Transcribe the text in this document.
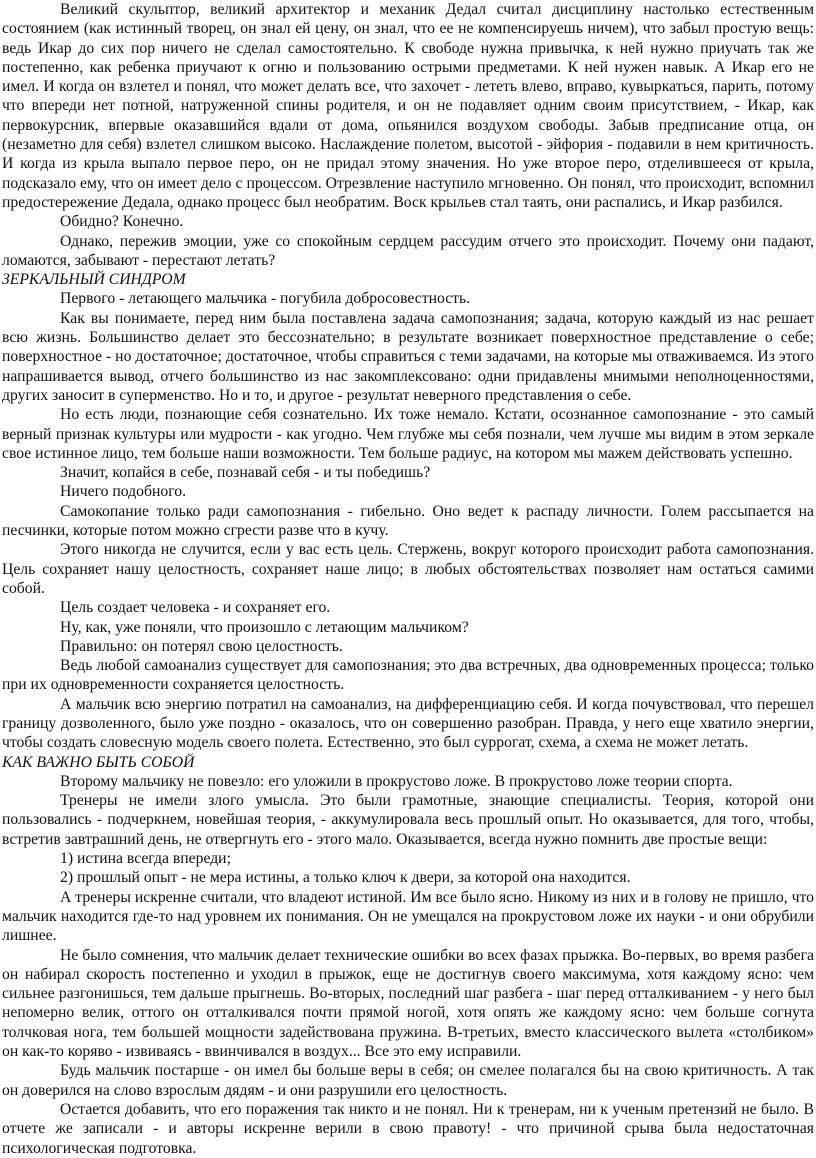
Великий скульптор, великий архитектор и механик Дедал считал дисциплину настолько естественным состоянием (как истинный творец, он знал ей цену, он знал, что ее не компенсируешь ничем), что забыл простую вещь: ведь Икар до сих пор ничего не сделал самостоятельно. К свободе нужна привычка, к ней нужно приучать так же постепенно, как ребенка приучают к огню и пользованию острыми предметами. К ней нужен навык. А Икар его не имел. И когда он взлетел и понял, что может делать все, что захочет - лететь влево, вправо, кувыркаться, парить, потому что впереди нет потной, натруженной спины родителя, и он не подавляет одним своим присутствием, - Икар, как первокурсник, впервые оказавшийся вдали от дома, опьянился воздухом свободы. Забыв предписание отца, он (незаметно для себя) взлетел слишком высоко. Наслаждение полетом, высотой - эйфория - подавили в нем критичность. И когда из крыла выпало первое перо, он не придал этому значения. Но уже второе перо, отделившееся от крыла, подсказало ему, что он имеет дело с процессом. Отрезвление наступило мгновенно. Он понял, что происходит, вспомнил предостережение Дедала, однако процесс был необратим. Воск крыльев стал таять, они распались, и Икар разбился.

Обидно? Конечно.

Однако, пережив эмоции, уже со спокойным сердцем рассудим отчего это происходит. Почему они падают, ломаются, забывают - перестают летать?

ЗЕРКАЛЬНЫЙ СИНДРОМ

Первого - летающего мальчика - погубила добросовестность.

Как вы понимаете, перед ним была поставлена задача самопознания; задача, которую каждый из нас решает всю жизнь. Большинство делает это бессознательно; в результате возникает поверхностное представление о себе; поверхностное - но достаточное; достаточное, чтобы справиться с теми задачами, на которые мы отваживаемся. Из этого напрашивается вывод, отчего большинство из нас закомплексовано: одни придавлены мнимыми неполноценностями, других заносит в суперменство. Но и то, и другое - результат неверного представления о себе.

Но есть люди, познающие себя сознательно. Их тоже немало. Кстати, осознанное самопознание - это самый верный признак культуры или мудрости - как угодно. Чем глубже мы себя познали, чем лучше мы видим в этом зеркале свое истинное лицо, тем больше наши возможности. Тем больше радиус, на котором мы мажем действовать успешно.

Значит, копайся в себе, познавай себя - и ты победишь?

Ничего подобного.

Самокопание только ради самопознания - гибельно. Оно ведет к распаду личности. Голем рассыпается на песчинки, которые потом можно сгрести разве что в кучу.

Этого никогда не случится, если у вас есть цель. Стержень, вокруг которого происходит работа самопознания. Цель сохраняет нашу целостность, сохраняет наше лицо; в любых обстоятельствах позволяет нам остаться самими собой.

Цель создает человека - и сохраняет его.

Ну, как, уже поняли, что произошло с летающим мальчиком?

Правильно: он потерял свою целостность.

Ведь любой самоанализ существует для самопознания; это два встречных, два одновременных процесса; только при их одновременности сохраняется целостность.

А мальчик всю энергию потратил на самоанализ, на дифференциацию себя. И когда почувствовал, что перешел границу дозволенного, было уже поздно - оказалось, что он совершенно разобран. Правда, у него еще хватило энергии, чтобы создать словесную модель своего полета. Естественно, это был суррогат, схема, а схема не может летать.

КАК ВАЖНО БЫТЬ СОБОЙ

Второму мальчику не повезло: его уложили в прокрустово ложе. В прокрустово ложе теории спорта.

Тренеры не имели злого умысла. Это были грамотные, знающие специалисты. Теория, которой они пользовались - подчеркнем, новейшая теория, - аккумулировала весь прошлый опыт. Но оказывается, для того, чтобы, встретив завтрашний день, не отвергнуть его - этого мало. Оказывается, всегда нужно помнить две простые вещи:

1) истина всегда впереди;

2) прошлый опыт - не мера истины, а только ключ к двери, за которой она находится.

А тренеры искренне считали, что владеют истиной. Им все было ясно. Никому из них и в голову не пришло, что мальчик находится где-то над уровнем их понимания. Он не умещался на прокрустовом ложе их науки - и они обрубили лишнее.

Не было сомнения, что мальчик делает технические ошибки во всех фазах прыжка. Во-первых, во время разбега он набирал скорость постепенно и уходил в прыжок, еще не достигнув своего максимума, хотя каждому ясно: чем сильнее разгонишься, тем дальше прыгнешь. Во-вторых, последний шаг разбега - шаг перед отталкиванием - у него был непомерно велик, оттого он отталкивался почти прямой ногой, хотя опять же каждому ясно: чем больше согнута толчковая нога, тем большей мощности задействована пружина. В-третьих, вместо классического вылета «столбиком» он как-то коряво - извиваясь - ввинчивался в воздух... Все это ему исправили.

Будь мальчик постарше - он имел бы больше веры в себя; он смелее полагался бы на свою критичность. А так он доверился на слово взрослым дядям - и они разрушили его целостность.

Остается добавить, что его поражения так никто и не понял. Ни к тренерам, ни к ученым претензий не было. В отчете же записали - и авторы искренне верили в свою правоту! - что причиной срыва была недостаточная психологическая подготовка.
